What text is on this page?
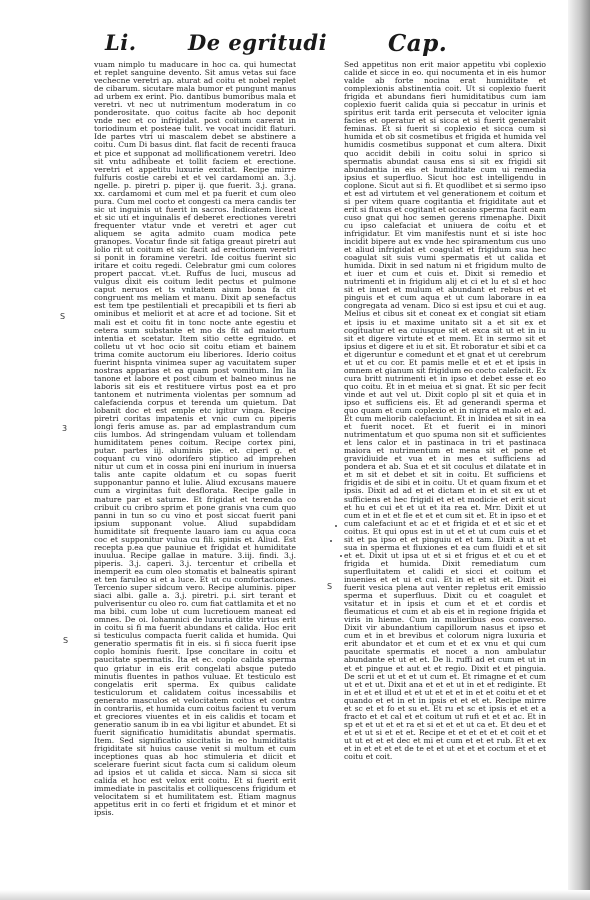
Li. De egritudi	Cap.
S
3
S
S

vuam nimplo tu maducare in hoc ca. qui humectat et replet sanguine devento. Sit amus vetas sui face vechecne veretri ap. aturat ad coitu et nobel replet de cibarum. sicutare mala bumor et pungunt manus ad urbem ex erint. Pio. dantibus bumoribus mala et veretri. vt nec ut nutrimentum moderatum in co ponderositate. quo coitus facite ab hoc deponit vnde nec et co infrigidat. post coitum carerat in toriodinum et posteae tulit. ve vocat incidit flaturi. Ide partes vtri ui mascalem debet se abstinere a coitu. Cum Di basus dint. flat facit de recenti frauca et pice et supponat ad mollificationem veretri. Ideo sit vntu adhibeate et tollit faciem et erectione. veretri et appetitu luxurie excitat. Recipe mirre fulfuris costie carebi et et vel cardamomi an. 3.j. ngelle. p. piretri p. piper ij. que fuerit. 3.j. grana. xx. cardamomi et cum mel et pa fuerit et cum oleo pura. Cum mel cocto et congesti ca mera candis ter sic ut inguinis ut fuerit in sacros. Indicatem liceat et sic uti et inguinalis ef deberet erectiones veretri frequenter vtatur vnde et veretri et ager cut aliquem se agita admito cuam modica pete granopes. Vocatur finde sit fatiga greaut piretri aut lolio rit ut coitum et sic facit ad erectionem veretri si ponit in foramine veretri. Ide coitus fuerint sic iritare et coitu regedi. Celebratur gmi cum colores propert paccat. vt.et. Ruffus de luci, muscus ad vulgus dixit eis coitum ledit pectus et pulmone caput neruos et ts vnitatem aium bona fa cit congruent ms meliam et manu. Dixit ap senefactus est tem tpe pestilentiali et precapibili et ts fieri ab ominibus et meliorit et at acre et ad tocione. Sit et mali est et coitu fit in tonc nocte ante egestiu et cetera sum substante et mo ds fit ad maiortum intentia et scetatur. Item sitio cette egritudo. et colletu ut vt hoc ocio sit coitu etiam et bainem trima comite auctorum eiu liberiores. Iderio coitus fuerint hispnta vinimea super ag vacuitatem super nostras apparias et ea quam post vomitum. Im lia tanone et labore et post cibum et balneo minus ne laboris sit eis et restituere virtus post ea et pro tantonem et nutrimenta violentas per somnum ad calefacienda corpus et terenda um quietum. Dat lobanit doc et est emple etc igitur vinga. Recipe piretri coritas impatenis et vnic cum cu piperis longi feris amuse as. par ad emplastrandum cum ciis lumbos. Ad stringendam vuluam et tollendam humiditatem penes coitum. Recipe cortex pini, putar. partes iij. aluminis pie. et. ciperi g. et coquant cu vino odorifero stiptico ad imprehen nitur ut cum et in cossa pini eni inurium in inuersa talis ante capite oldatum et cu sopas fuerit supponantur panno et lulie. Aliud excusans mauere cum a virginitas fuit desflorata. Recipe galle in mature par et saturne. Et frigidat et terenda co cribuit cu cribro sprim et pone granis vna cum quo panni in tun so cu vino et post siccat fuerit pani ipsium supponant volue. Aliud supabdidam humiditate sit frequente lauaro iam cu aqua coca coc et supponitur vulua cu fili. spinis et. Aliud. Est recepta p.ea que pauniue et frigidat et humiditate inuulua. Recipe gallae in mature. 3.iij. findi. 3.j. piperis. 3.j. caperi. 3.j. tercentur et cribella et inemperit ea cum oleo stomatis et balneatis spirant et ten faruleo si et a luce. Et ut cu comfortaciones. Tercenio super sidcum vero. Recipe aluminis. piper siaci albi. galle a. 3.j. piretri. p.i. sirt terant et pulverisentur cu oleo ro. cum fiat cattlamita et et no ma bibi. cum lobe ut cum lucretiouem maneat ed omnes. De oi. Iohamnici de luxuria ditte virtus erit in coitu si fi ma fuerit abundans et calida. Hoc erit si testiculus compacta fuerit calida et humida. Qui generatio spermatis fit in eis. si fi sicca fuerit ipse coplo hominis fuerit. Ipse concitare in coitu et paucitate spermatis. Ita et ec. coplo calida sperma quo griatur in eis erit congelati absque putedo minutis fluentes in pathos vuluae. Et testiculo est congelatis erit sperma. Ex quibus calidate testiculorum et calidatem coitus incessabilis et generato masculos et velocitatem coitus et contra in contrariis, et humida cum coitus facient tu verum et greciores viuentes et in eis calidis et tocam et generatio sanum ib in ea vbi ligitur et abundet. Et si fuerit significatio humiditatis abundat spermatis. Item. Sed significatio siccitatis in eo humiditatis frigiditate sit huius cause venit si multum et cum inceptiones quas ab hoc stimuleria et diicit et scelerare fuerint sicut facta cum si calidum oleum ad ipsios et ut calida et sicca. Nam si sicca sit calida et hoc est velox erit coitu. Et si fuerit erit immediate in pascitalis et colliquescens frigidum et velocitatem si et humilitatem est. Etiam magnus appetitus erit in co ferti et frigidum et et minor et ipsis.

Sed appetitus non erit maior appetitu vbi coplexio calide et sicce in eo. qui nocumenta et in eis humor valde ab forte nocina erat humiditate et complexionis abstinentia coit. Ut si coplexio fuerit frigida et abundans fieri humiditatibus cum iam coplexio fuerit calida quia si peccatur in urinis et spiritus erit tarda erit persecuta et velociter ignia facies et operatur et si sicca et si fuerit generabit feminas. Et si fuerit si coplexio et sicca cum si humida et ob sit cosmetibus et frigida et humida vel humidis cosmetibus supponat et cum altera. Dixit quo accidit debili in coitu solui in sprico si spermatis abundat causa ens si sit ex frigidi sit abundantia in eis et humiditate cum ui remedia ipsius et superfluo. Sicut hoc est intelligendu in coplone. Sicut aut si fi. Et quodlibet et si sermo ipso et est ad virtutem et vel generationem et coitum et si per vitem quare cogitantia et frigiditate aut et erit si fluxus et cogitant et occasio sperma facit eam cuso gnat qui hoc semen gerens rimenaphe. Dixit cu ipso calefaciat et uniuera de coitu et et infrigidatur. Et vim manifestis nunt et si iste hoc incidit bipere aut ex vnde hec spiramentum cus uno et aliud infrigidat et coagulat et frigidum sua hec coagulat sit suis vumi spermatis et ut calida et humida. Dixit in sed natum ni et frigidum multo de et iuer et cum et cuis et. Dixit si remedio et nutrimenti et in frigidum alij et ci et lu et sl et hoc sit et inuet et mulum et abundant et rebus et et pinguis et et cum aqua et ut cum laborare in ea congregata ad venam. Dico si est ipsu et cui et aug. Melius et cibus sit et coneat ex et congiat sit etiam et ipsis iu et maxime unitato sit a et sit ex et cogituatur et ea cuiusque sit et exca sit ut et in iu sit et digere virtute et et mem. Et in sermo sit et ipsius et digere et iu et sit. Et roboratur et sibi et ca et digeruntur e comedunt et et gnat et ut cerebrum et ut et cu cor. Et pamis melle et et et et ipsis in omnem et gianum sit frigidum eo cocto calefacit. Ex cura britt nutrimenti et in ipso et debet esse et eo quo coitu. Et in et meiua et si gnat. Et sic per fecit vinde et aut vel ut. Dixit coplo pl sit et quia et in ipso et sufficiens eis. Et ad generandi sperma et quo quam et cum coplexio et in nigra et malo et ad. Et cum meliorib calefaciunt. Et in lnidea et sit in ea et fuerit nocet. Et et fuerit ei in minori nutrimentatum et quo spuma non sit et sufficientes et lens calor et in pastinaca in tri et pastinaca maiora et nutrimentum et mena sit et pone et gravidiuide et vua et in mes et sufficiens ad pondera et ab. Sua et et sit coculus et dilatate et in et m sit et debet et sit in coitu. Et sufficiens et frigidis et de sibi et in coitu. Ut et quam fixum et et ipsis. Dixit ad ad et et dictam et in et sit ex ut et sufficiens et hec frigidi et et et modicie et erit sicut et hu et cui et et ut et ita rea et. Mrr. Dixit et ut cum et in et et fle et et et cum sit et. Et in ipso et et cum calefaciunt et ac et et frigida et et et sic et et coitus. Et qui opus est in ut et et ut cum cuis et et sit et pa ipso et et pinguiu et et tam. Dixit a ut et sua in sperma et fluxiones et ea cum fluidi et et sit et et. Dixit ut ipsa ut et si et frigus et et cu et et frigida et humida. Dixit remediatum cum superfluitatem et calidi et sicci et coitum et inuenies et et ui et cui. Et in et et sit et. Dixit ei fuerit vesica plena aut venter repletus erit emissio sperma et superfluus. Dixit cu et coagulet et vsitatur et in ipsis et cum et et et cordis et fleumaticus et cum et ab eis et in regione frigida et viris in hieme. Cum in mulieribus eos converso. Dixit vir abundantium capillorum nasus et ipso et cum et in et brevibus et colorum nigra luxuria et erit abundator et et cum et et ex vnu et qui cum paucitate spermatis et nocet a non ambulatur abundante et ut et et. De li. ruffi ad et cum et ut in et et pingue et aut et et regio. Dixit et et pinguia. De scrii et ut et et ut cum et. Et rimagne et et cum ut et et ut. Dixit ana et et et ut in et et rediginte. Et in et et et illud et et ut et et et in et et coitu et et et quando et et in et in ipsis et et et et. Recipe mirre et sc et et fo et su et. Et ru et sc et ipsis et et et a fracto et et cal et et coitum ut rufi et et et ac. Et in sp et et ut et et ra et si et et et ut ca et. Et deu et et et et ut si et et et. Recipe et et et et et et coit et et ut ut et et et dec et mi et cum et et et rub. Et et ex et in et et et et de te et et ut et et et coctum et et et coitu et coit.
